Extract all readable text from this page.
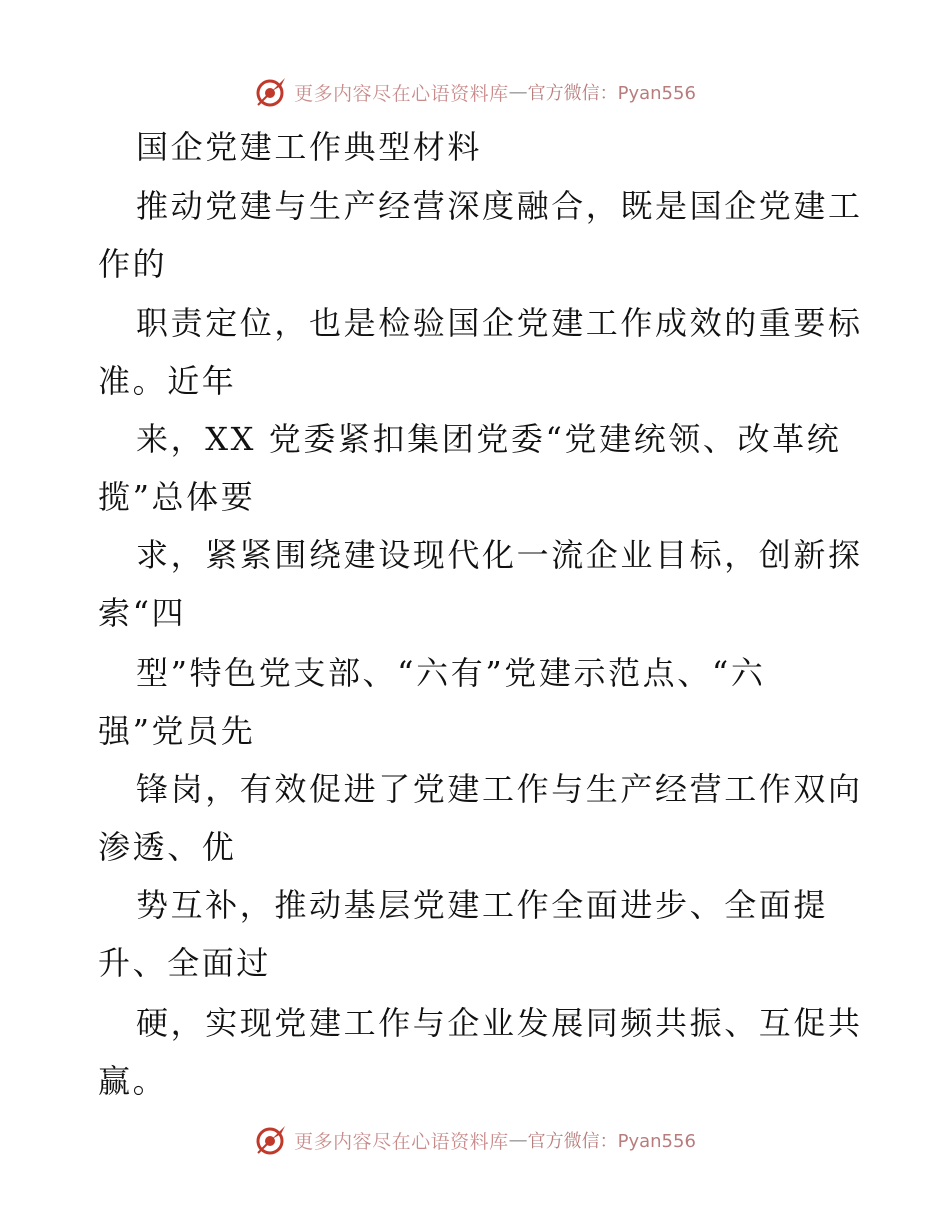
更多内容尽在心语资料库 — 官方微信：Pyan556
国企党建工作典型材料
推动党建与生产经营深度融合，既是国企党建工
作的
职责定位，也是检验国企党建工作成效的重要标
准。近年
来，XX 党委紧扣集团党委“党建统领、改革统
揽”总体要
求，紧紧围绕建设现代化一流企业目标，创新探
索“四
型”特色党支部、“六有”党建示范点、“六
强”党员先
锋岗，有效促进了党建工作与生产经营工作双向
渗透、优
势互补，推动基层党建工作全面进步、全面提
升、全面过
硬，实现党建工作与企业发展同频共振、互促共
赢。
更多内容尽在心语资料库 — 官方微信：Pyan556
